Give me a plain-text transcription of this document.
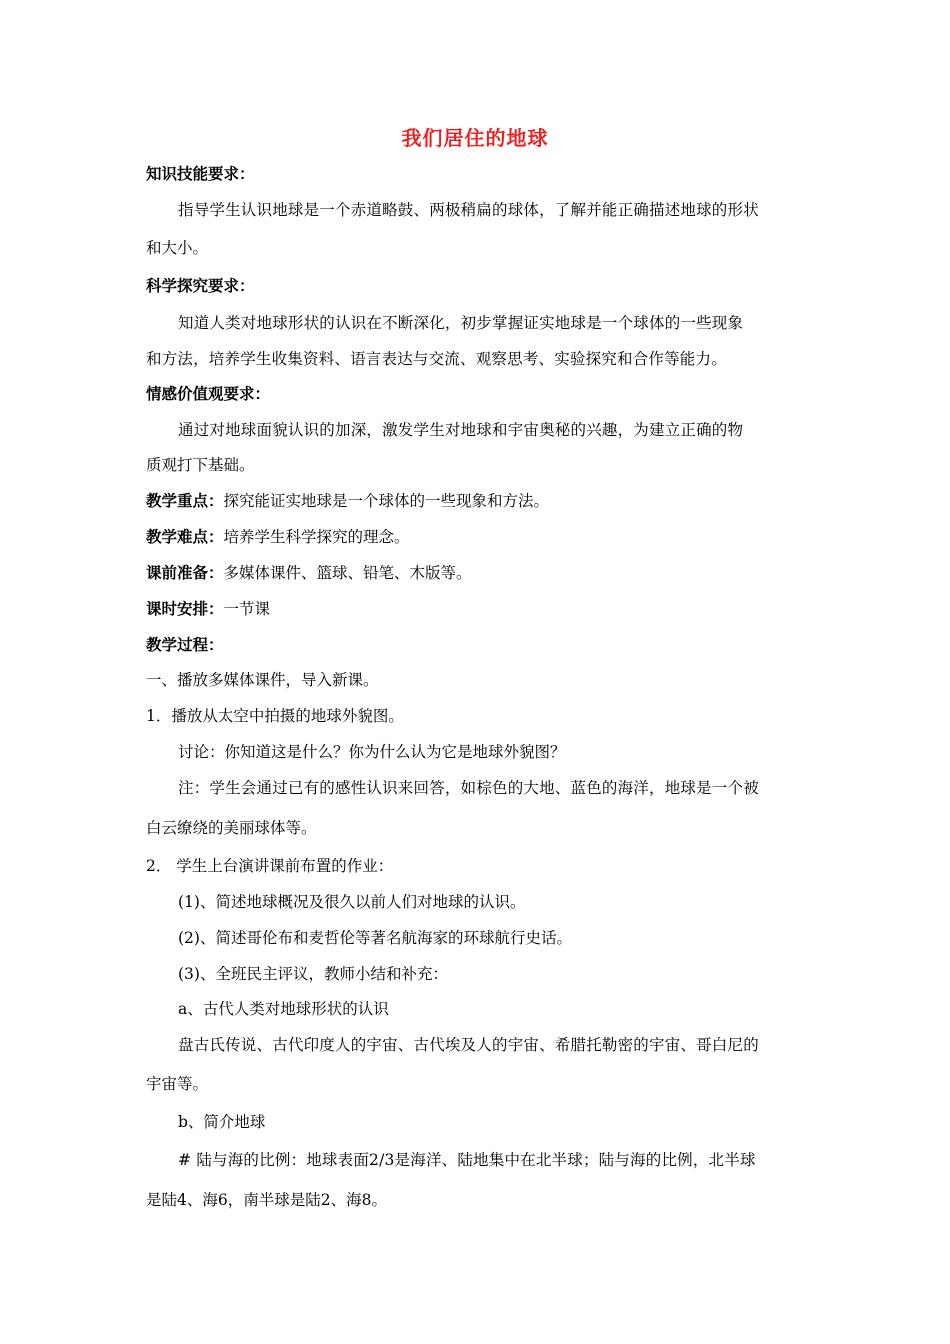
我们居住的地球
知识技能要求：
指导学生认识地球是一个赤道略鼓、两极稍扁的球体，了解并能正确描述地球的形状
和大小。
科学探究要求：
知道人类对地球形状的认识在不断深化，初步掌握证实地球是一个球体的一些现象
和方法，培养学生收集资料、语言表达与交流、观察思考、实验探究和合作等能力。
情感价值观要求：
通过对地球面貌认识的加深，激发学生对地球和宇宙奥秘的兴趣，为建立正确的物
质观打下基础。
教学重点：探究能证实地球是一个球体的一些现象和方法。
教学难点：培养学生科学探究的理念。
课前准备：多媒体课件、篮球、铅笔、木版等。
课时安排：一节课
教学过程：
一、播放多媒体课件，导入新课。
1．播放从太空中拍摄的地球外貌图。
讨论：你知道这是什么？你为什么认为它是地球外貌图？
注：学生会通过已有的感性认识来回答，如棕色的大地、蓝色的海洋，地球是一个被
白云缭绕的美丽球体等。
2． 学生上台演讲课前布置的作业：
(1)、简述地球概况及很久以前人们对地球的认识。
(2)、简述哥伦布和麦哲伦等著名航海家的环球航行史话。
(3)、全班民主评议，教师小结和补充：
a、古代人类对地球形状的认识
盘古氏传说、古代印度人的宇宙、古代埃及人的宇宙、希腊托勒密的宇宙、哥白尼的
宇宙等。
b、简介地球
# 陆与海的比例：地球表面2/3是海洋、陆地集中在北半球；陆与海的比例，北半球
是陆4、海6，南半球是陆2、海8。
